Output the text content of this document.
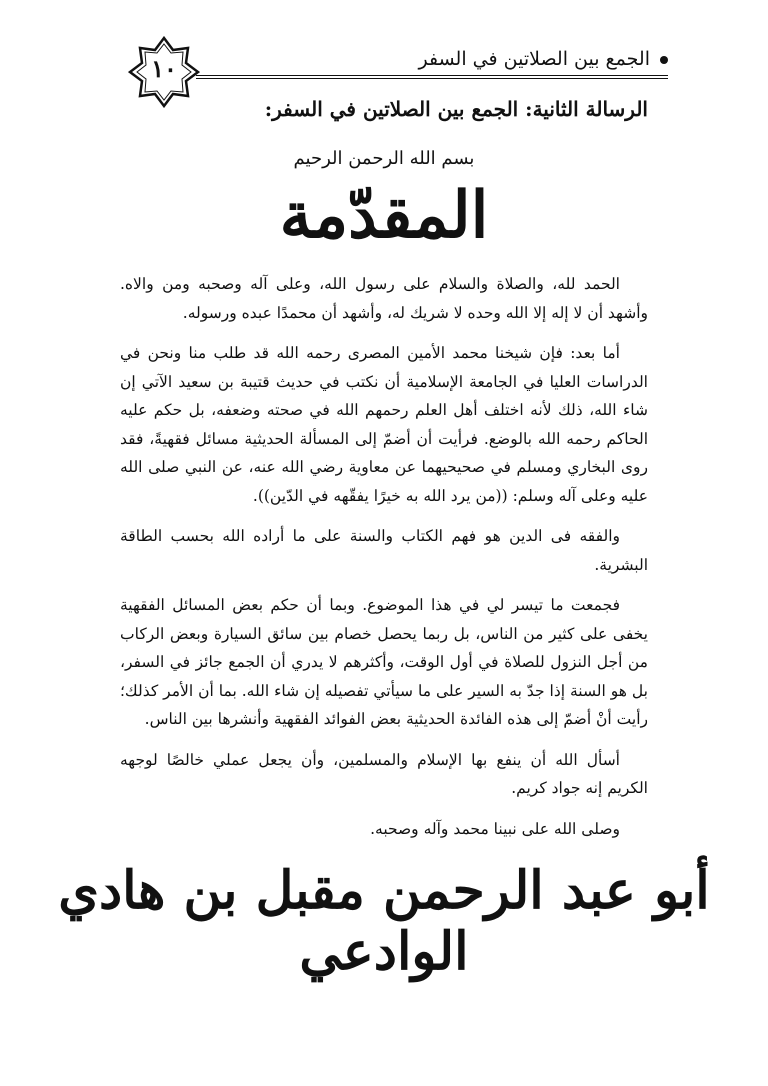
١٠	الجمع بين الصلاتين في السفر
الرسالة الثانية: الجمع بين الصلاتين في السفر:
بسم الله الرحمن الرحيم
المقدّمة

الحمد لله، والصلاة والسلام على رسول الله، وعلى آله وصحبه ومن والاه. وأشهد أن لا إله إلا الله وحده لا شريك له، وأشهد أن محمدًا عبده ورسوله.

أما بعد: فإن شيخنا محمد الأمين المصرى رحمه الله قد طلب منا ونحن في الدراسات العليا في الجامعة الإسلامية أن نكتب في حديث قتيبة بن سعيد الآتي إن شاء الله، ذلك لأنه اختلف أهل العلم رحمهم الله في صحته وضعفه، بل حكم عليه الحاكم رحمه الله بالوضع. فرأيت أن أضمّ إلى المسألة الحديثية مسائل فقهيةً، فقد روى البخاري ومسلم في صحيحيهما عن معاوية رضي الله عنه، عن النبي صلى الله عليه وعلى آله وسلم: ((من يرد الله به خيرًا يفقّهه في الدّين)).

والفقه فى الدين هو فهم الكتاب والسنة على ما أراده الله بحسب الطاقة البشرية.

فجمعت ما تيسر لي في هذا الموضوع. وبما أن حكم بعض المسائل الفقهية يخفى على كثير من الناس، بل ربما يحصل خصام بين سائق السيارة وبعض الركاب من أجل النزول للصلاة في أول الوقت، وأكثرهم لا يدري أن الجمع جائز في السفر، بل هو السنة إذا جدّ به السير على ما سيأتي تفصيله إن شاء الله. بما أن الأمر كذلك؛ رأيت أنْ أضمّ إلى هذه الفائدة الحديثية بعض الفوائد الفقهية وأنشرها بين الناس.

أسأل الله أن ينفع بها الإسلام والمسلمين، وأن يجعل عملي خالصًا لوجهه الكريم إنه جواد كريم.

وصلى الله على نبينا محمد وآله وصحبه.

أبو عبد الرحمن مقبل بن هادي الوادعي
